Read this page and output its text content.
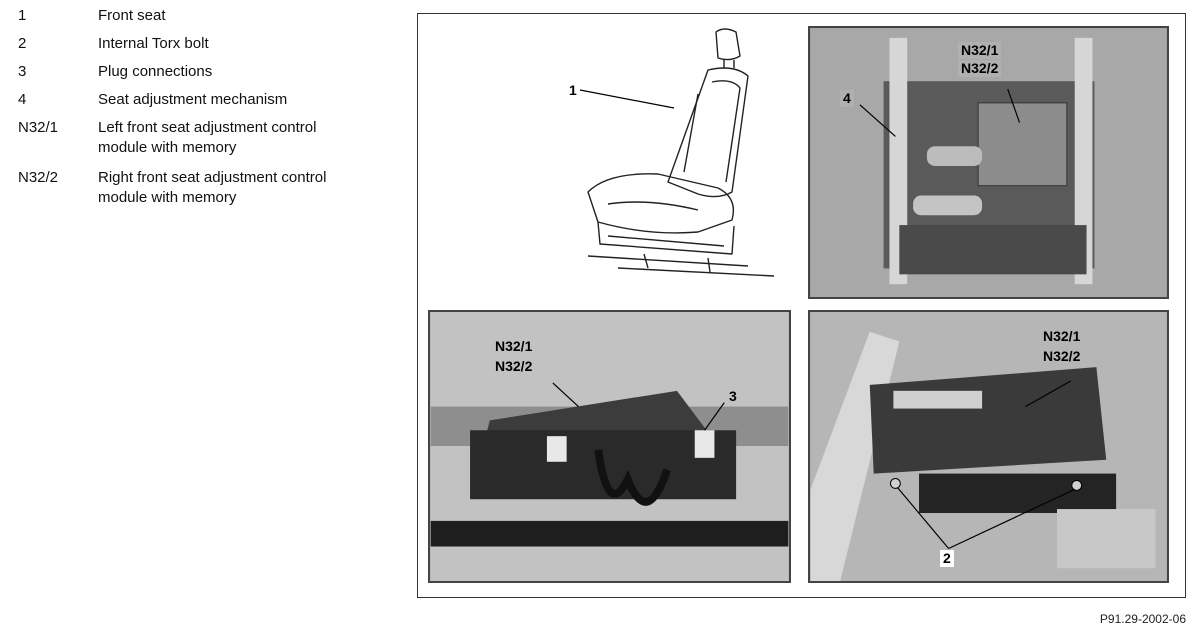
1	Front seat
2	Internal Torx bolt
3	Plug connections
4	Seat adjustment mechanism
N32/1	Left front seat adjustment control
module with memory
N32/2	Right front seat adjustment control
module with memory
1
N32/1
N32/2
4
N32/1
N32/2
3
N32/1
N32/2
2
P91.29-2002-06
